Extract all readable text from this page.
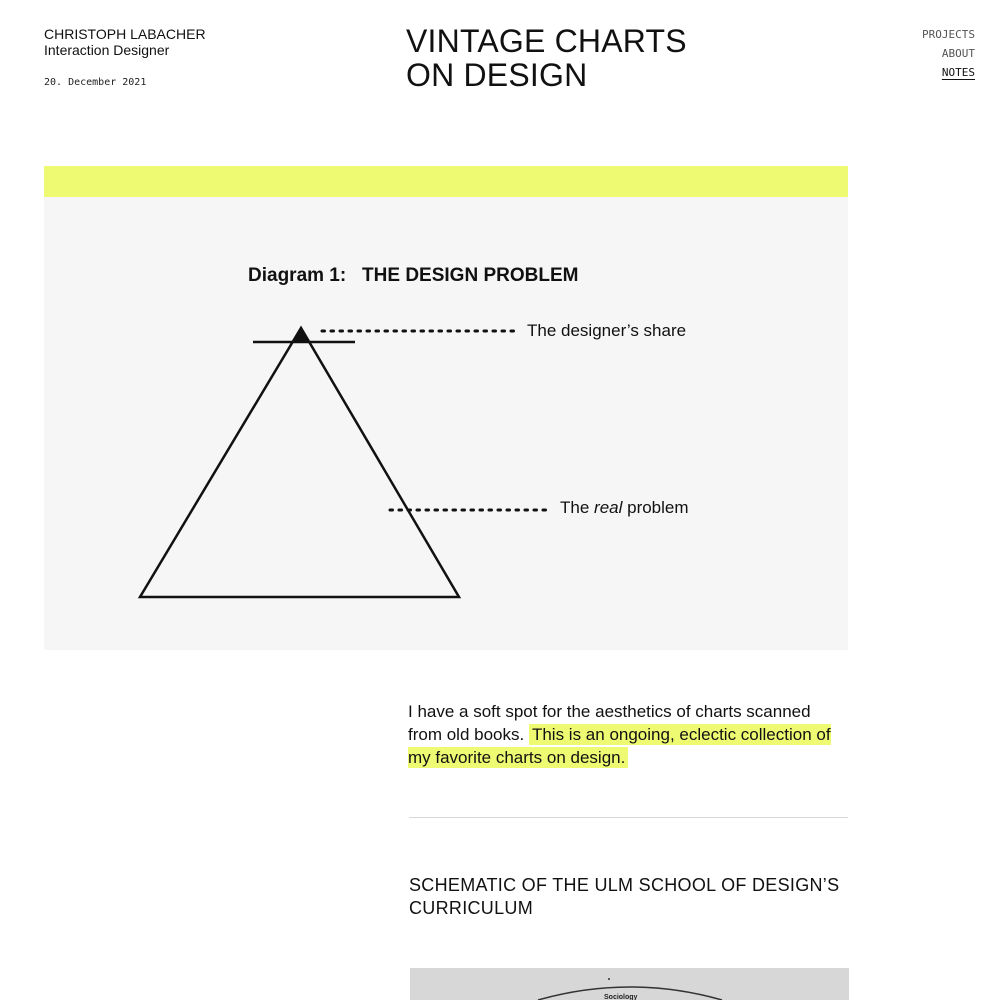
CHRISTOPH LABACHER
Interaction Designer
20. December 2021
VINTAGE CHARTS
ON DESIGN
PROJECTS
ABOUT
NOTES
Diagram 1:   THE DESIGN PROBLEM
The designer’s share
The real problem

I have a soft spot for the aesthetics of charts scanned from old books. This is an ongoing, eclectic collection of my favorite charts on design.

SCHEMATIC OF THE ULM SCHOOL OF DESIGN’S CURRICULUM
Sociology
